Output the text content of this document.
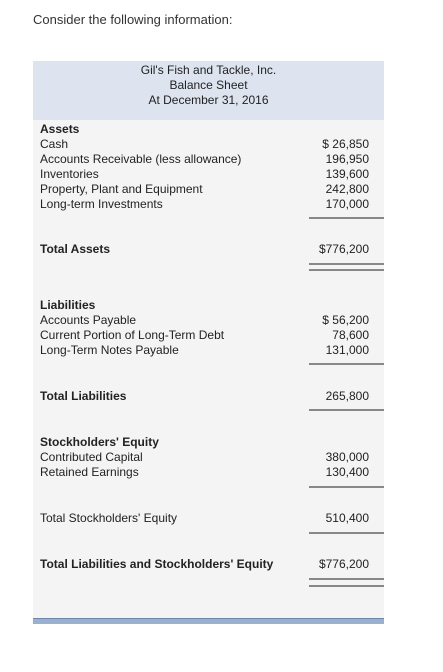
Consider the following information:
Gil's Fish and Tackle, Inc.
Balance Sheet
At December 31, 2016
Assets
Cash	$ 26,850
Accounts Receivable (less allowance)	196,950
Inventories	139,600
Property, Plant and Equipment	242,800
Long-term Investments	170,000
Total Assets	$776,200
Liabilities
Accounts Payable	$ 56,200
Current Portion of Long-Term Debt	78,600
Long-Term Notes Payable	131,000
Total Liabilities	265,800
Stockholders' Equity
Contributed Capital	380,000
Retained Earnings	130,400
Total Stockholders' Equity	510,400
Total Liabilities and Stockholders' Equity	$776,200
